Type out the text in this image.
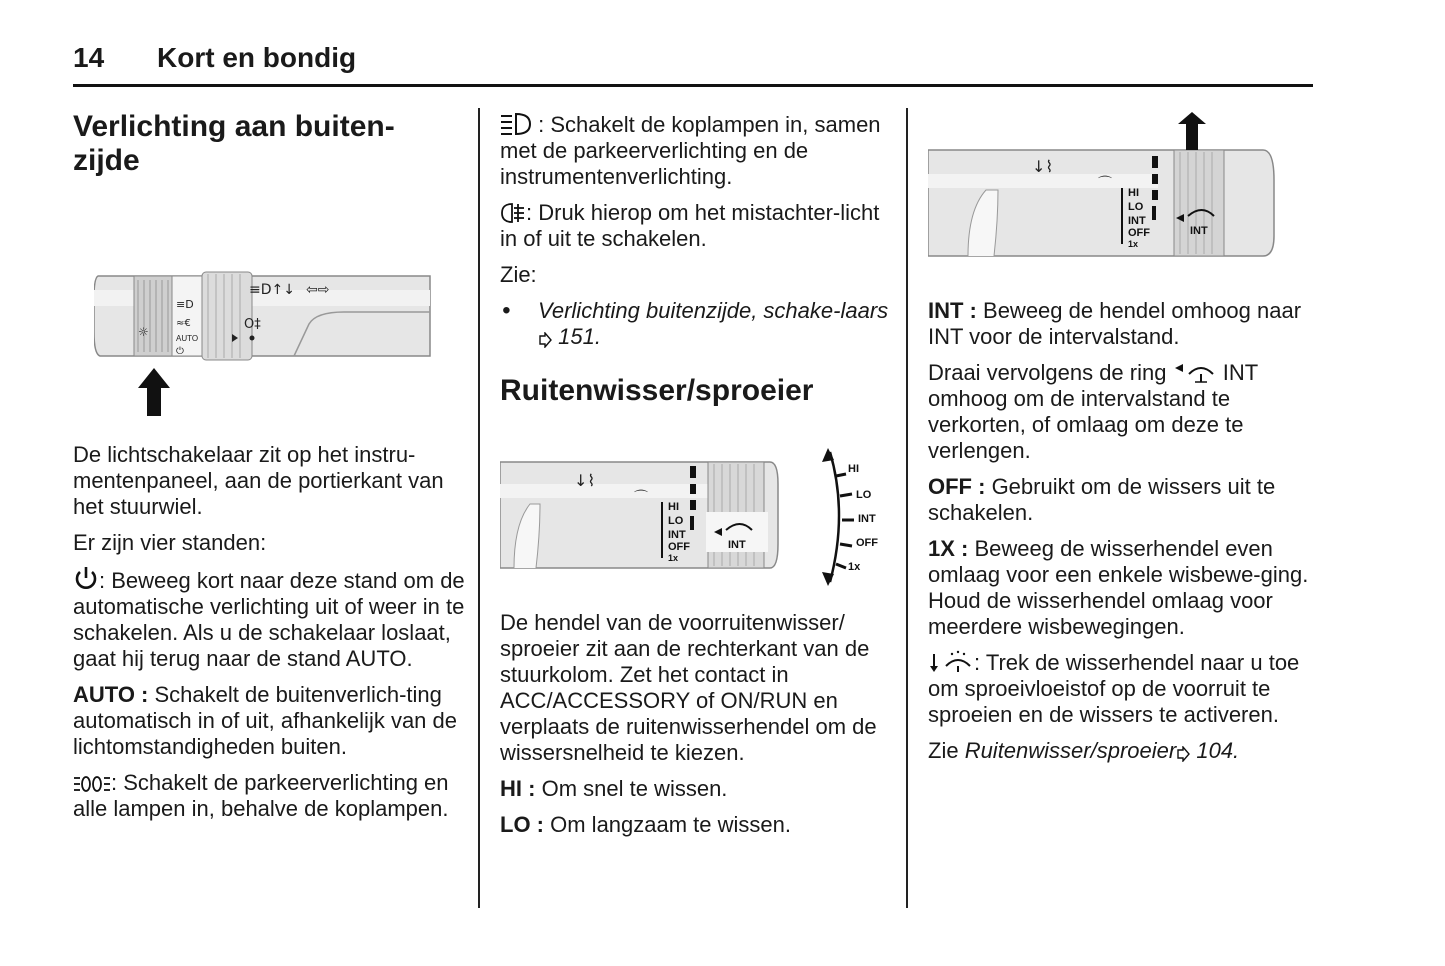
14 Kort en bondig
Verlichting aan buiten-zijde
☼
≡D
≈€
AUTO
⏻
≡D↑↓ ⇦⇨
O‡

De lichtschakelaar zit op het instru-mentenpaneel, aan de portierkant van het stuurwiel.

Er zijn vier standen:

: Beweeg kort naar deze stand om de automatische verlichting uit of weer in te schakelen. Als u de schakelaar loslaat, gaat hij terug naar de stand AUTO.

AUTO : Schakelt de buitenverlich-ting automatisch in of uit, afhankelijk van de lichtomstandigheden buiten.

: Schakelt de parkeerverlichting en alle lampen in, behalve de koplampen.

: Schakelt de koplampen in, samen met de parkeerverlichting en de instrumentenverlichting.

: Druk hierop om het mistachter-licht in of uit te schakelen.

Zie:

• Verlichting buitenzijde, schake-laars  151.

Ruitenwisser/sproeier
↓⌇
⌒
HI
LO
INT
OFF
1x
INT
HI
LO
INT
OFF
1x

De hendel van de voorruitenwisser/ sproeier zit aan de rechterkant van de stuurkolom. Zet het contact in ACC/ACCESSORY of ON/RUN en verplaats de ruitenwisserhendel om de wissersnelheid te kiezen.

HI : Om snel te wissen.

LO : Om langzaam te wissen.

↓⌇
⌒
HI
LO
INT
OFF
1x
INT

INT : Beweeg de hendel omhoog naar INT voor de intervalstand.

Draai vervolgens de ring	INT omhoog om de intervalstand te verkorten, of omlaag om deze te verlengen.

OFF : Gebruikt om de wissers uit te schakelen.

1X : Beweeg de wisserhendel even omlaag voor een enkele wisbewe-ging. Houd de wisserhendel omlaag voor meerdere wisbewegingen.

: Trek de wisserhendel naar u toe om sproeivloeistof op de voorruit te sproeien en de wissers te activeren.

Zie Ruitenwisser/sproeier 104.
